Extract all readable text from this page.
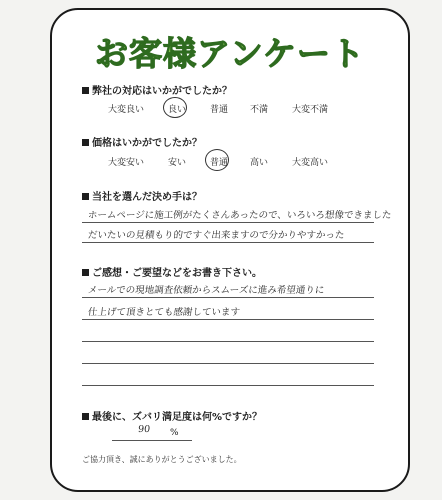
お客様アンケート
弊社の対応はいかがでしたか？
大変良い	良い	普通 不満	大変不満
価格はいかがでしたか？
大変安い	安い	普通 高い	大変高い
当社を選んだ決め手は？
ホームページに施工例がたくさんあったので、いろいろ想像できました
だいたいの見積もり的ですぐ出来ますので分かりやすかった
ご感想・ご要望などをお書き下さい。
メールでの現地調査依頼からスムーズに進み希望通りに
仕上げて頂きとても感謝しています
最後に、ズバリ満足度は何%ですか？
90 %
ご協力頂き、誠にありがとうございました。
